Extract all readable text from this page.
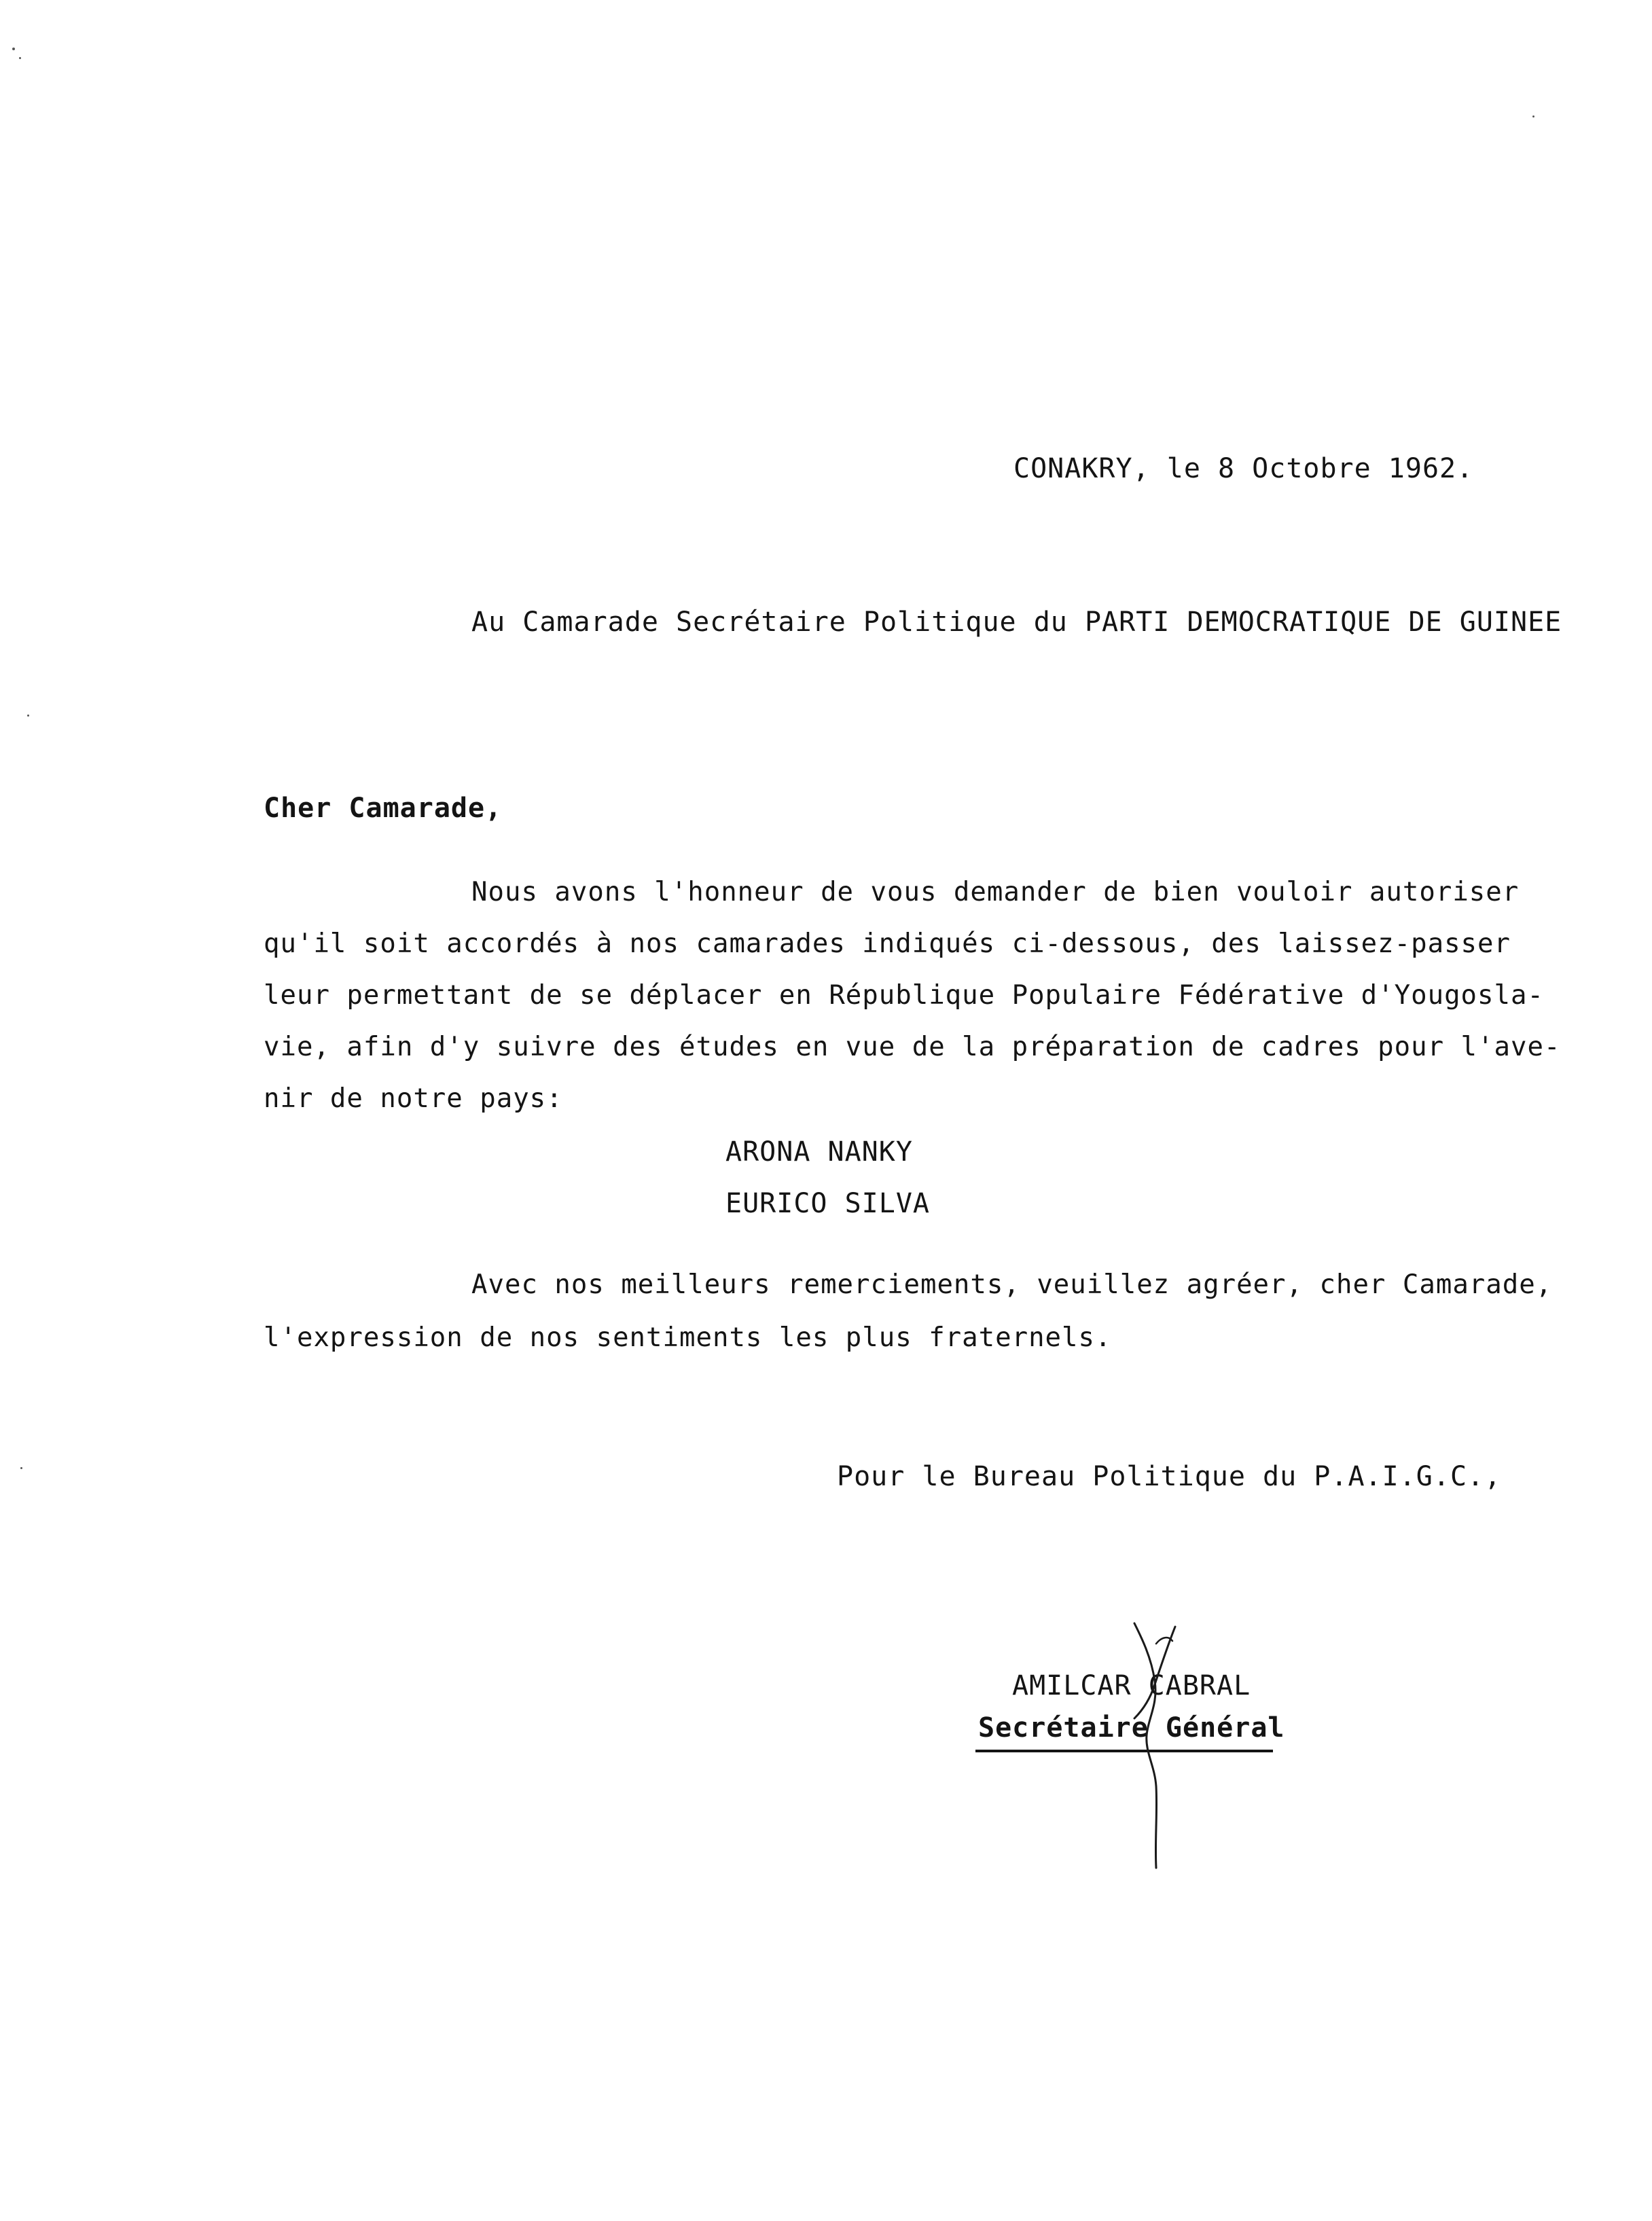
CONAKRY, le 8 Octobre 1962.
Au Camarade Secrétaire Politique du PARTI DEMOCRATIQUE DE GUINEE
Cher Camarade,
Nous avons l'honneur de vous demander de bien vouloir autoriser
qu'il soit accordés à nos camarades indiqués ci-dessous, des laissez-passer
leur permettant de se déplacer en République Populaire Fédérative d'Yougosla-
vie, afin d'y suivre des études en vue de la préparation de cadres pour l'ave-
nir de notre pays:
ARONA NANKY
EURICO SILVA
Avec nos meilleurs remerciements, veuillez agréer, cher Camarade,
l'expression de nos sentiments les plus fraternels.
Pour le Bureau Politique du P.A.I.G.C.,
AMILCAR CABRAL
Secrétaire Général
